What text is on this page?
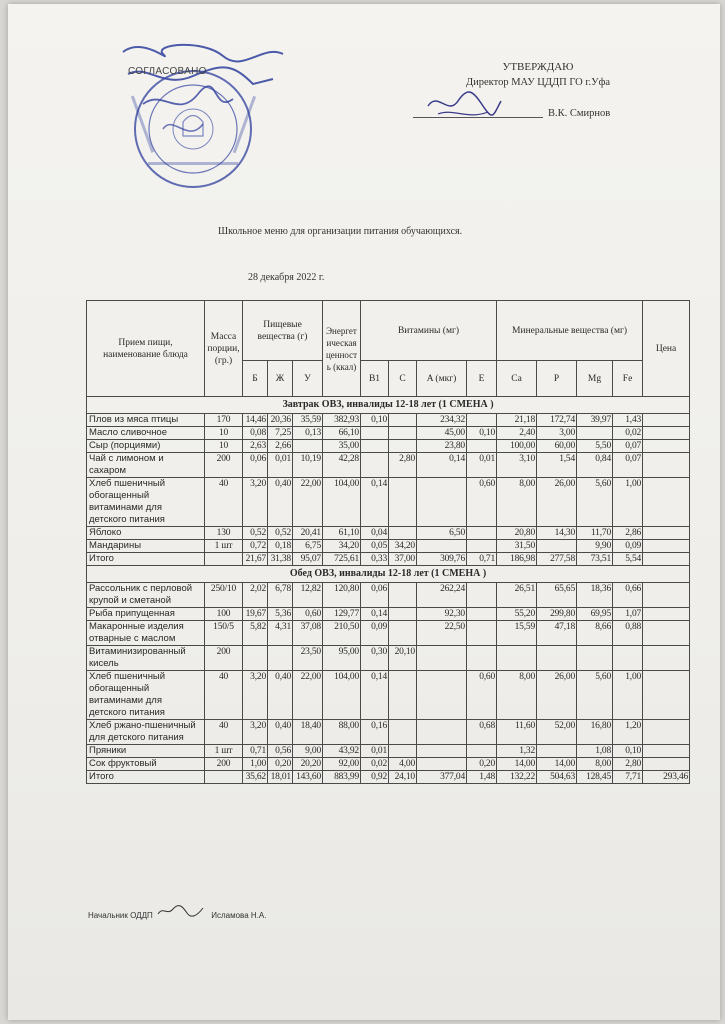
СОГЛАСОВАНО	УТВЕРЖДАЮ
Директор МАУ ЦДДП ГО г.Уфа
В.К. Смирнов
Школьное меню для организации питания обучающихся.
28 декабря 2022 г.
Прием пищи, наименование блюда	Масса порции, (гр.)	Пищевые вещества (г)			Энергетическая ценность (ккал)	Витамины (мг)				Минеральные вещества (мг)				Цена
		Б	Ж	У		B1	C	A (мкг)	E	Ca	P	Mg	Fe	
Завтрак ОВЗ, инвалиды 12-18 лет (1 СМЕНА )														
Плов из мяса птицы	170	14,46	20,36	35,59	382,93	0,10		234,32		21,18	172,74	39,97	1,43	
Масло сливочное	10	0,08	7,25	0,13	66,10			45,00	0,10	2,40	3,00		0,02	
Сыр (порциями)	10	2,63	2,66		35,00			23,80		100,00	60,00	5,50	0,07	
Чай с лимоном и сахаром	200	0,06	0,01	10,19	42,28		2,80	0,14	0,01	3,10	1,54	0,84	0,07	
Хлеб пшеничный обогащенный витаминами для детского питания	40	3,20	0,40	22,00	104,00	0,14			0,60	8,00	26,00	5,60	1,00	
Яблоко	130	0,52	0,52	20,41	61,10	0,04		6,50		20,80	14,30	11,70	2,86	
Мандарины	1 шт	0,72	0,18	6,75	34,20	0,05	34,20			31,50		9,90	0,09	
Итого		21,67	31,38	95,07	725,61	0,33	37,00	309,76	0,71	186,98	277,58	73,51	5,54	
Обед ОВЗ, инвалиды 12-18 лет (1 СМЕНА )														
Рассольник с перловой крупой и сметаной	250/10	2,02	6,78	12,82	120,80	0,06		262,24		26,51	65,65	18,36	0,66	
Рыба припущенная	100	19,67	5,36	0,60	129,77	0,14		92,30		55,20	299,80	69,95	1,07	
Макаронные изделия отварные с маслом	150/5	5,82	4,31	37,08	210,50	0,09		22,50		15,59	47,18	8,66	0,88	
Витаминизированный кисель	200			23,50	95,00	0,30	20,10							
Хлеб пшеничный обогащенный витаминами для детского питания	40	3,20	0,40	22,00	104,00	0,14			0,60	8,00	26,00	5,60	1,00	
Хлеб ржано-пшеничный для детского питания	40	3,20	0,40	18,40	88,00	0,16			0,68	11,60	52,00	16,80	1,20	
Пряники	1 шт	0,71	0,56	9,00	43,92	0,01				1,32		1,08	0,10	
Сок фруктовый	200	1,00	0,20	20,20	92,00	0,02	4,00		0,20	14,00	14,00	8,00	2,80	
Итого		35,62	18,01	143,60	883,99	0,92	24,10	377,04	1,48	132,22	504,63	128,45	7,71	293,46
Начальник ОДДП	Исламова Н.А.
